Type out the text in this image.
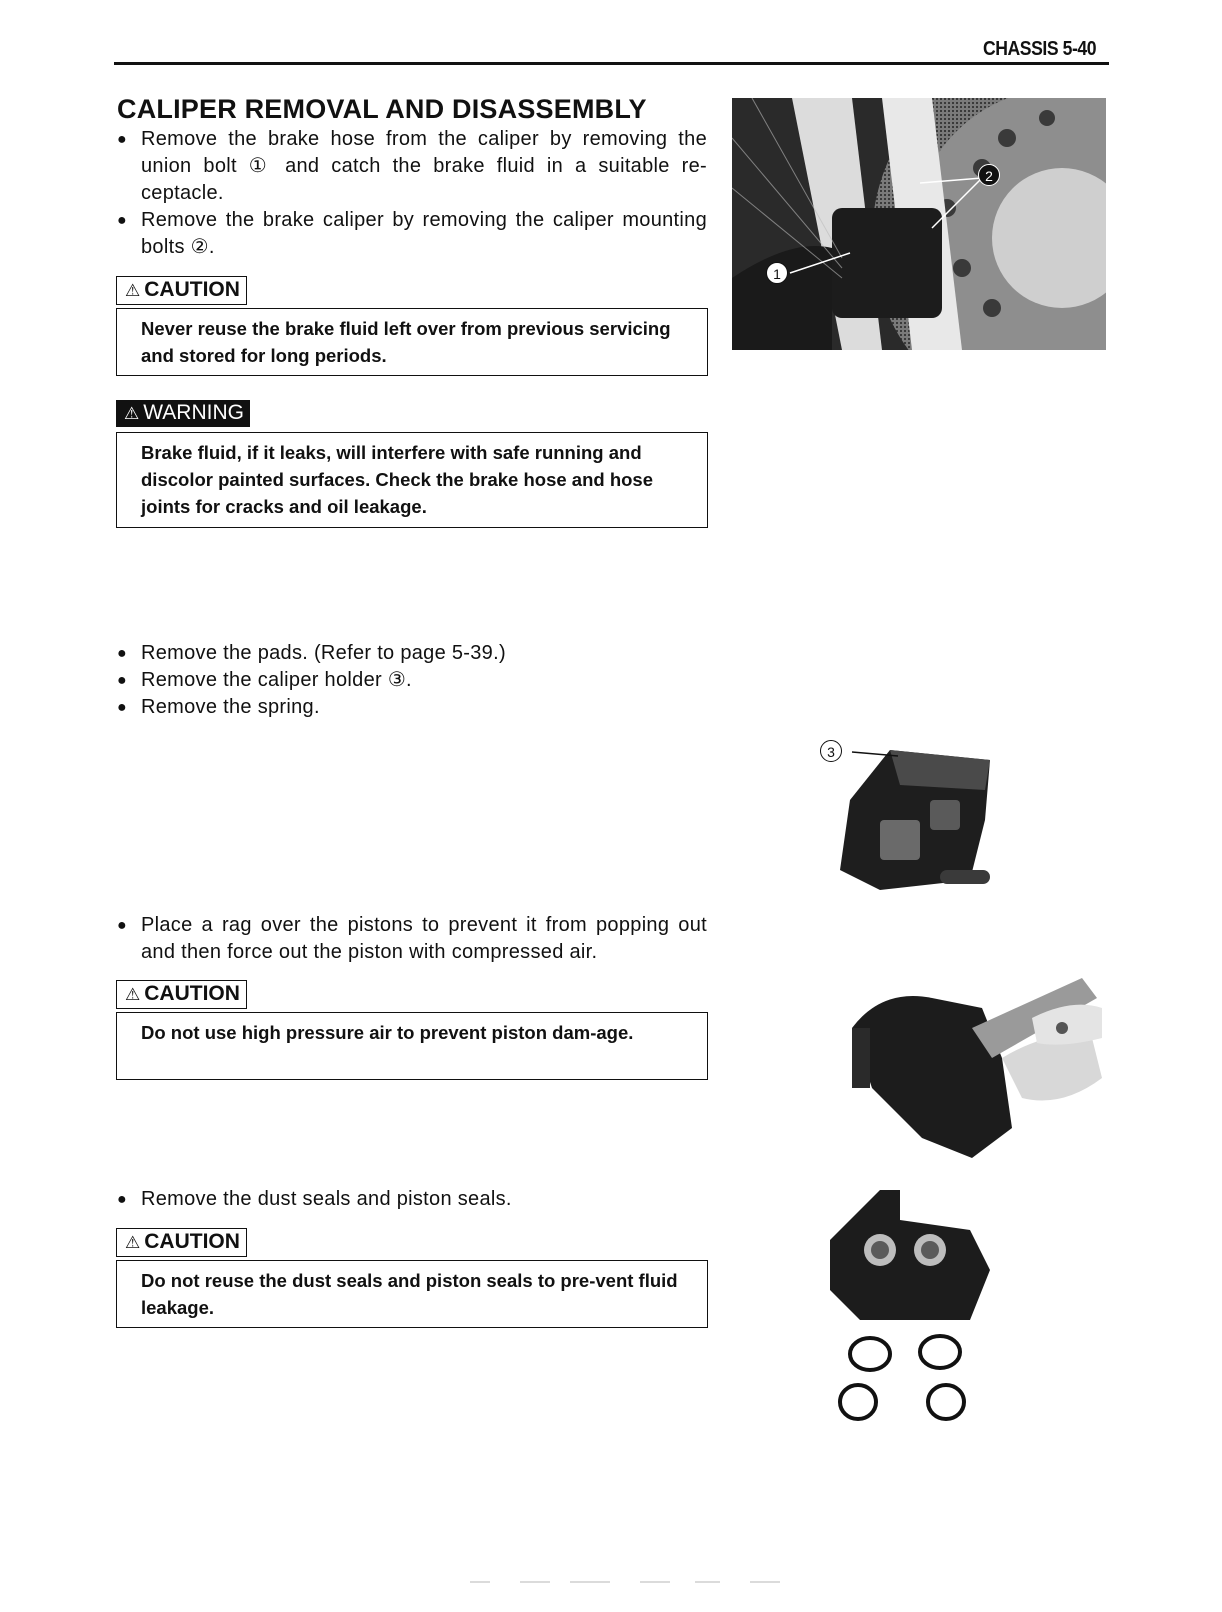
CHASSIS 5-40
CALIPER REMOVAL AND DISASSEMBLY
● Remove the brake hose from the caliper by removing the union bolt ① and catch the brake fluid in a suitable re-ceptacle.
● Remove the brake caliper by removing the caliper mounting bolts ②.
⚠ CAUTION
Never reuse the brake fluid left over from previous servicing and stored for long periods.
⚠ WARNING
Brake fluid, if it leaks, will interfere with safe running and discolor painted surfaces. Check the brake hose and hose joints for cracks and oil leakage.
● Remove the pads. (Refer to page 5-39.)
● Remove the caliper holder ③.
● Remove the spring.
● Place a rag over the pistons to prevent it from popping out and then force out the piston with compressed air.
⚠ CAUTION
Do not use high pressure air to prevent piston dam-age.
● Remove the dust seals and piston seals.
⚠ CAUTION
Do not reuse the dust seals and piston seals to pre-vent fluid leakage.
1
2
3
